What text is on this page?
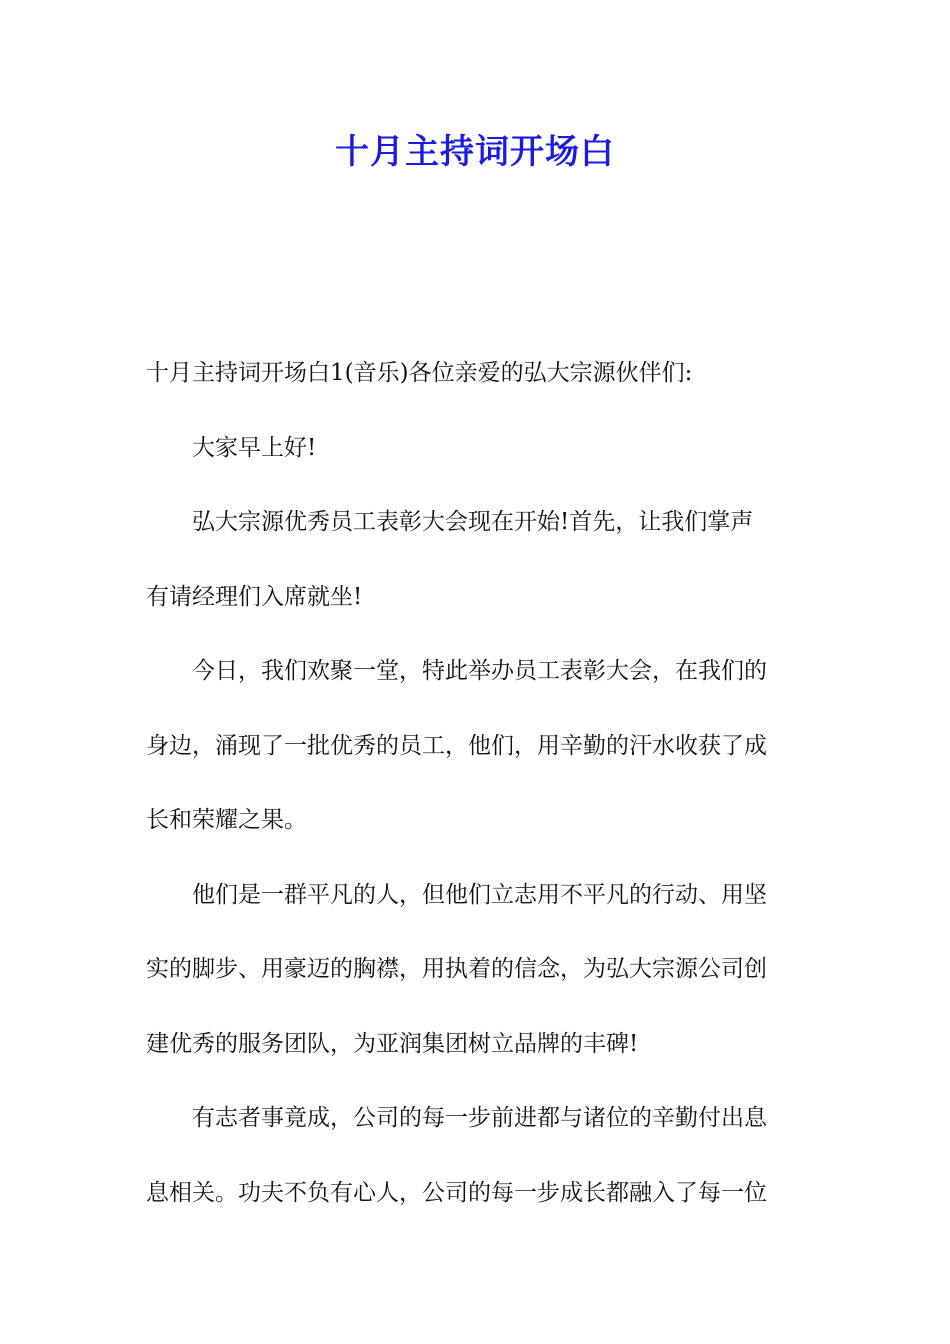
十月主持词开场白
十月主持词开场白1(音乐)各位亲爱的弘大宗源伙伴们:
大家早上好!
弘大宗源优秀员工表彰大会现在开始!首先，让我们掌声
有请经理们入席就坐!
今日，我们欢聚一堂，特此举办员工表彰大会，在我们的
身边，涌现了一批优秀的员工，他们，用辛勤的汗水收获了成
长和荣耀之果。
他们是一群平凡的人，但他们立志用不平凡的行动、用坚
实的脚步、用豪迈的胸襟，用执着的信念，为弘大宗源公司创
建优秀的服务团队，为亚润集团树立品牌的丰碑!
有志者事竟成，公司的每一步前进都与诸位的辛勤付出息
息相关。功夫不负有心人，公司的每一步成长都融入了每一位
